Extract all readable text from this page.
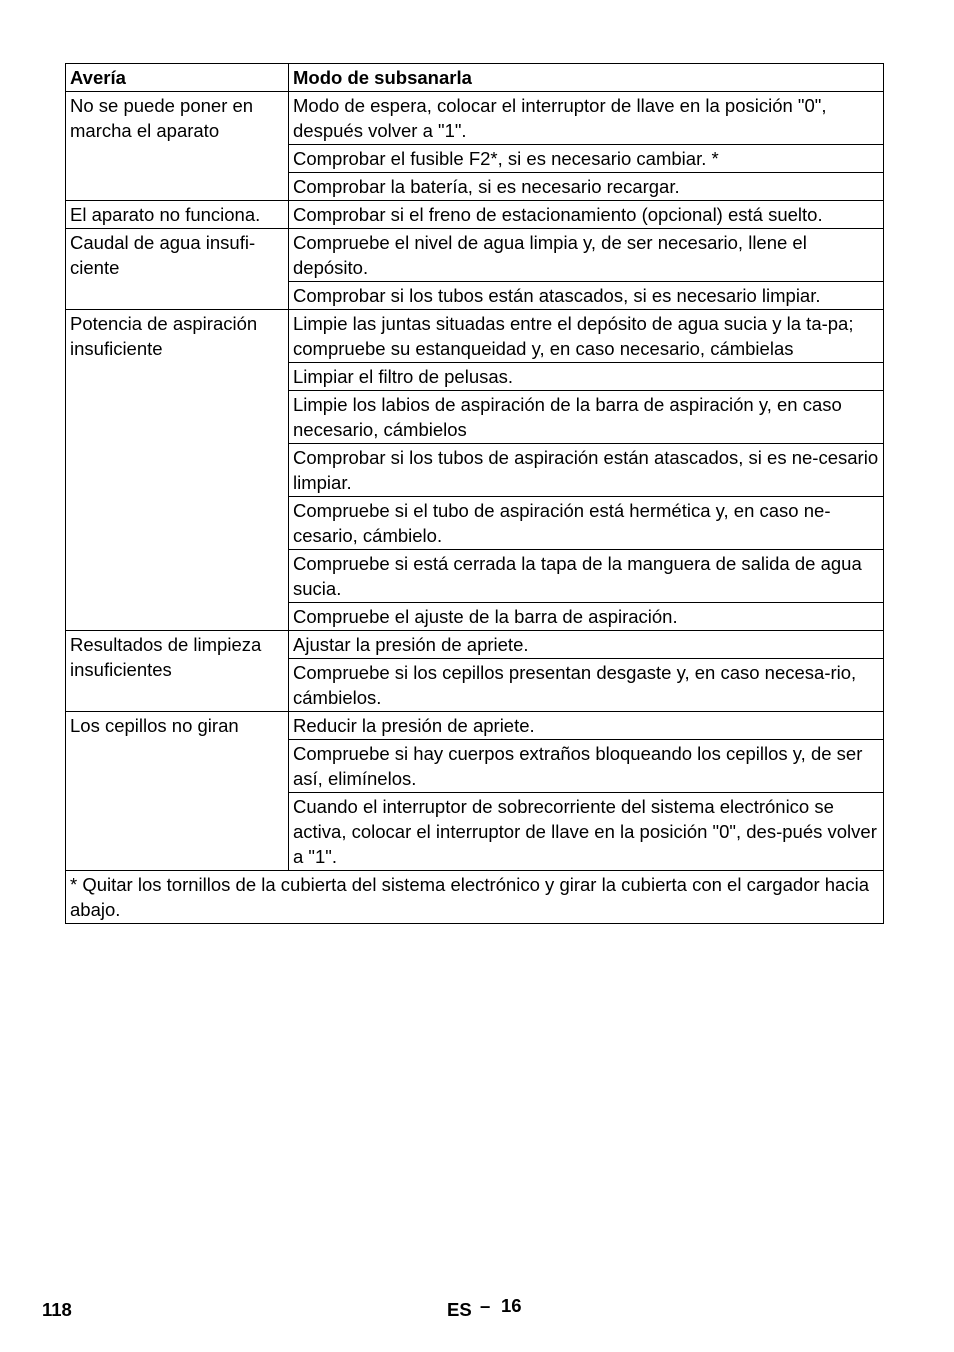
Avería	Modo de subsanarla
No se puede poner en marcha el aparato	Modo de espera, colocar el interruptor de llave en la posición "0", después volver a "1".
	Comprobar el fusible F2*, si es necesario cambiar. *
	Comprobar la batería, si es necesario recargar.
El aparato no funciona.	Comprobar si el freno de estacionamiento (opcional) está suelto.
Caudal de agua insufi-ciente	Compruebe el nivel de agua limpia y, de ser necesario, llene el depósito.
	Comprobar si los tubos están atascados, si es necesario limpiar.
Potencia de aspiración insuficiente	Limpie las juntas situadas entre el depósito de agua sucia y la ta-pa; compruebe su estanqueidad y, en caso necesario, cámbielas
	Limpiar el filtro de pelusas.
	Limpie los labios de aspiración de la barra de aspiración y, en caso necesario, cámbielos
	Comprobar si los tubos de aspiración están atascados, si es ne-cesario limpiar.
	Compruebe si el tubo de aspiración está hermética y, en caso ne-cesario, cámbielo.
	Compruebe si está cerrada la tapa de la manguera de salida de agua sucia.
	Compruebe el ajuste de la barra de aspiración.
Resultados de limpieza insuficientes	Ajustar la presión de apriete.
	Compruebe si los cepillos presentan desgaste y, en caso necesa-rio, cámbielos.
Los cepillos no giran	Reducir la presión de apriete.
	Compruebe si hay cuerpos extraños bloqueando los cepillos y, de ser así, elimínelos.
	Cuando el interruptor de sobrecorriente del sistema electrónico se activa, colocar el interruptor de llave en la posición "0", des-pués volver a "1".
* Quitar los tornillos de la cubierta del sistema electrónico y girar la cubierta con el cargador hacia abajo.	
118	ES – 16
